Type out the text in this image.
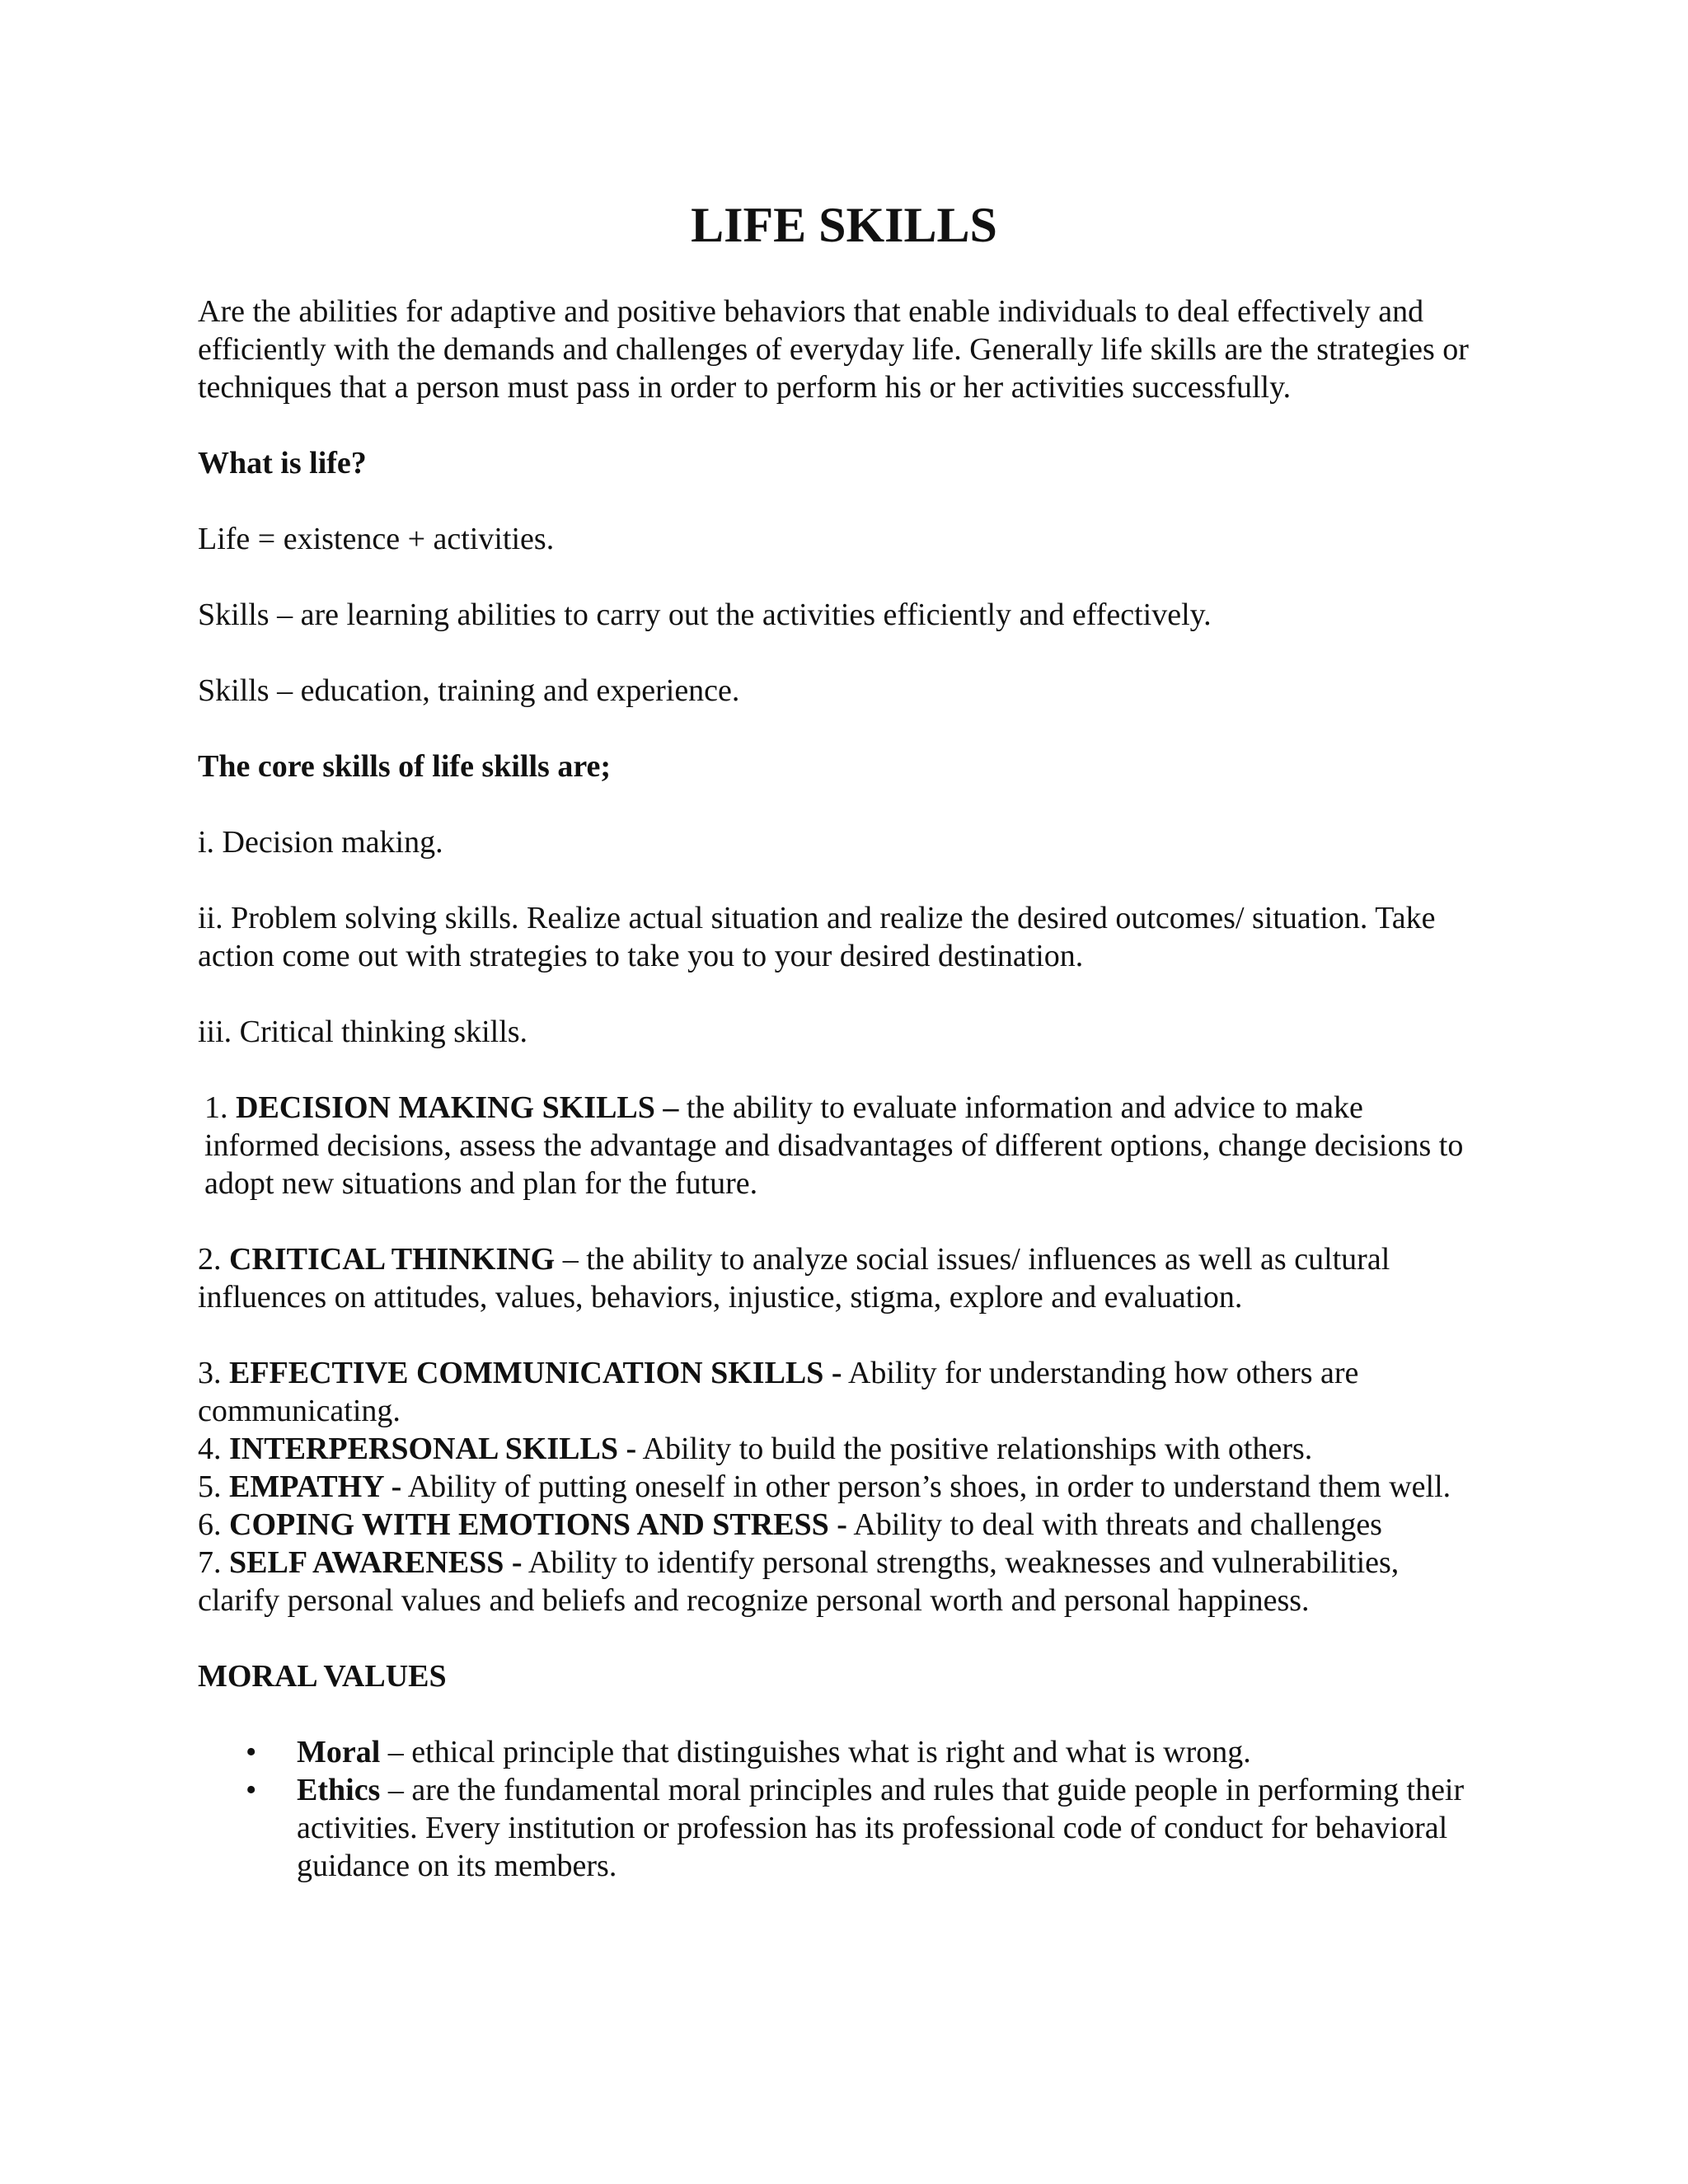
LIFE SKILLS

Are the abilities for adaptive and positive behaviors that enable individuals to deal effectively and efficiently with the demands and challenges of everyday life. Generally life skills are the strategies or techniques that a person must pass in order to perform his or her activities successfully.

What is life?

Life = existence + activities.

Skills – are learning abilities to carry out the activities efficiently and effectively.

Skills – education, training and experience.

The core skills of life skills are;

i. Decision making.

ii. Problem solving skills. Realize actual situation and realize the desired outcomes/ situation. Take action come out with strategies to take you to your desired destination.

iii. Critical thinking skills.

1. DECISION MAKING SKILLS – the ability to evaluate information and advice to make informed decisions, assess the advantage and disadvantages of different options, change decisions to adopt new situations and plan for the future.

2. CRITICAL THINKING – the ability to analyze social issues/ influences as well as cultural influences on attitudes, values, behaviors, injustice, stigma, explore and evaluation.

3. EFFECTIVE COMMUNICATION SKILLS - Ability for understanding how others are communicating.

4. INTERPERSONAL SKILLS - Ability to build the positive relationships with others.

5. EMPATHY - Ability of putting oneself in other person’s shoes, in order to understand them well.

6. COPING WITH EMOTIONS AND STRESS - Ability to deal with threats and challenges

7. SELF AWARENESS - Ability to identify personal strengths, weaknesses and vulnerabilities, clarify personal values and beliefs and recognize personal worth and personal happiness.

MORAL VALUES

• Moral – ethical principle that distinguishes what is right and what is wrong.
• Ethics – are the fundamental moral principles and rules that guide people in performing their activities. Every institution or profession has its professional code of conduct for behavioral guidance on its members.
